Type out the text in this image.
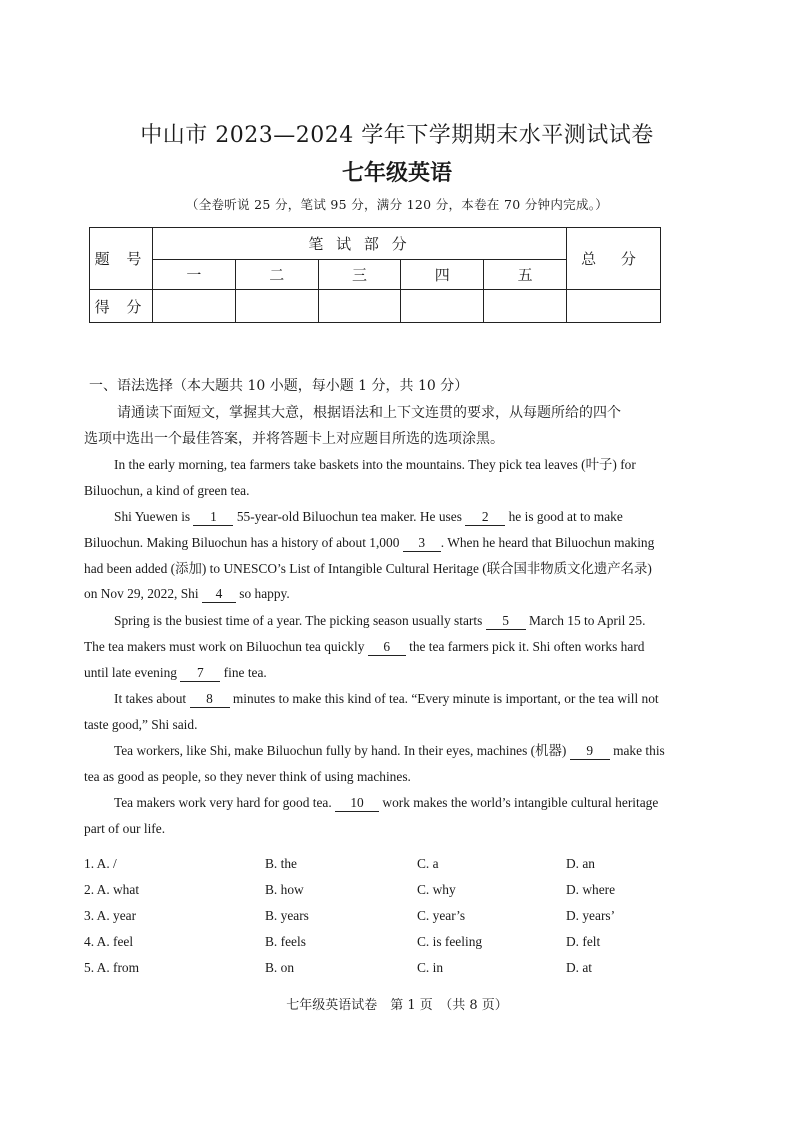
中山市 2023—2024 学年下学期期末水平测试试卷
七年级英语
（全卷听说 25 分，笔试 95 分，满分 120 分，本卷在 70 分钟内完成。）
题 号	笔 试 部 分					总 分
	一	二	三	四	五	
得 分						
一、语法选择（本大题共 10 小题，每小题 1 分，共 10 分）
请通读下面短文，掌握其大意，根据语法和上下文连贯的要求，从每题所给的四个
选项中选出一个最佳答案，并将答题卡上对应题目所选的选项涂黑。
In the early morning, tea farmers take baskets into the mountains. They pick tea leaves (叶子) for Biluochun, a kind of green tea.
Shi Yuewen is 1 55-year-old Biluochun tea maker. He uses 2 he is good at to make Biluochun. Making Biluochun has a history of about 1,000 3 . When he heard that Biluochun making had been added (添加) to UNESCO’s List of Intangible Cultural Heritage (联合国非物质文化遗产名录) on Nov 29, 2022, Shi 4 so happy.
Spring is the busiest time of a year. The picking season usually starts 5 March 15 to April 25. The tea makers must work on Biluochun tea quickly 6 the tea farmers pick it. Shi often works hard until late evening 7 fine tea.
It takes about 8 minutes to make this kind of tea. “Every minute is important, or the tea will not taste good,” Shi said.
Tea workers, like Shi, make Biluochun fully by hand. In their eyes, machines (机器) 9 make this tea as good as people, so they never think of using machines.
Tea makers work very hard for good tea. 10 work makes the world’s intangible cultural heritage part of our life.
1. A. /	B. the	C. a	D. an
2. A. what	B. how	C. why	D. where
3. A. year	B. years	C. year’s	D. years’
4. A. feel	B. feels	C. is feeling	D. felt
5. A. from	B. on	C. in	D. at
七年级英语试卷　第 1 页　（共 8 页）
